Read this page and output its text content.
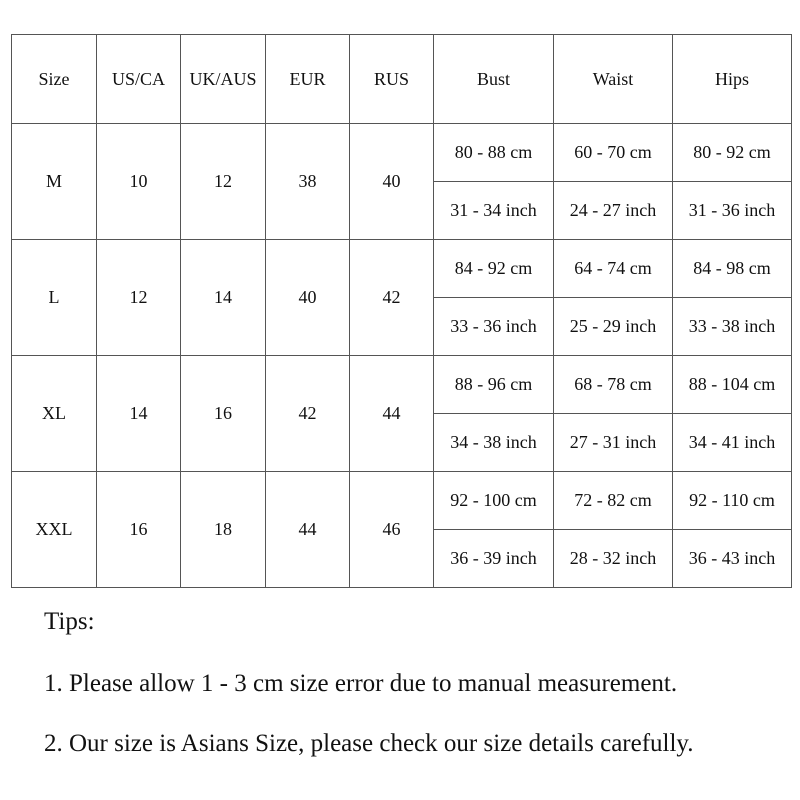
Size	US/CA	UK/AUS	EUR	RUS	Bust	Waist	Hips
M	10	12	38	40	80 - 88 cm	60 - 70 cm	80 - 92 cm
					31 - 34 inch	24 - 27 inch	31 - 36 inch
L	12	14	40	42	84 - 92 cm	64 - 74 cm	84 - 98 cm
					33 - 36 inch	25 - 29 inch	33 - 38 inch
XL	14	16	42	44	88 - 96 cm	68 - 78 cm	88 - 104 cm
					34 - 38 inch	27 - 31 inch	34 - 41 inch
XXL	16	18	44	46	92 - 100 cm	72 - 82 cm	92 - 110 cm
					36 - 39 inch	28 - 32 inch	36 - 43 inch
Tips:
1. Please allow 1 - 3 cm size error due to manual measurement.
2. Our size is Asians Size, please check our size details carefully.
